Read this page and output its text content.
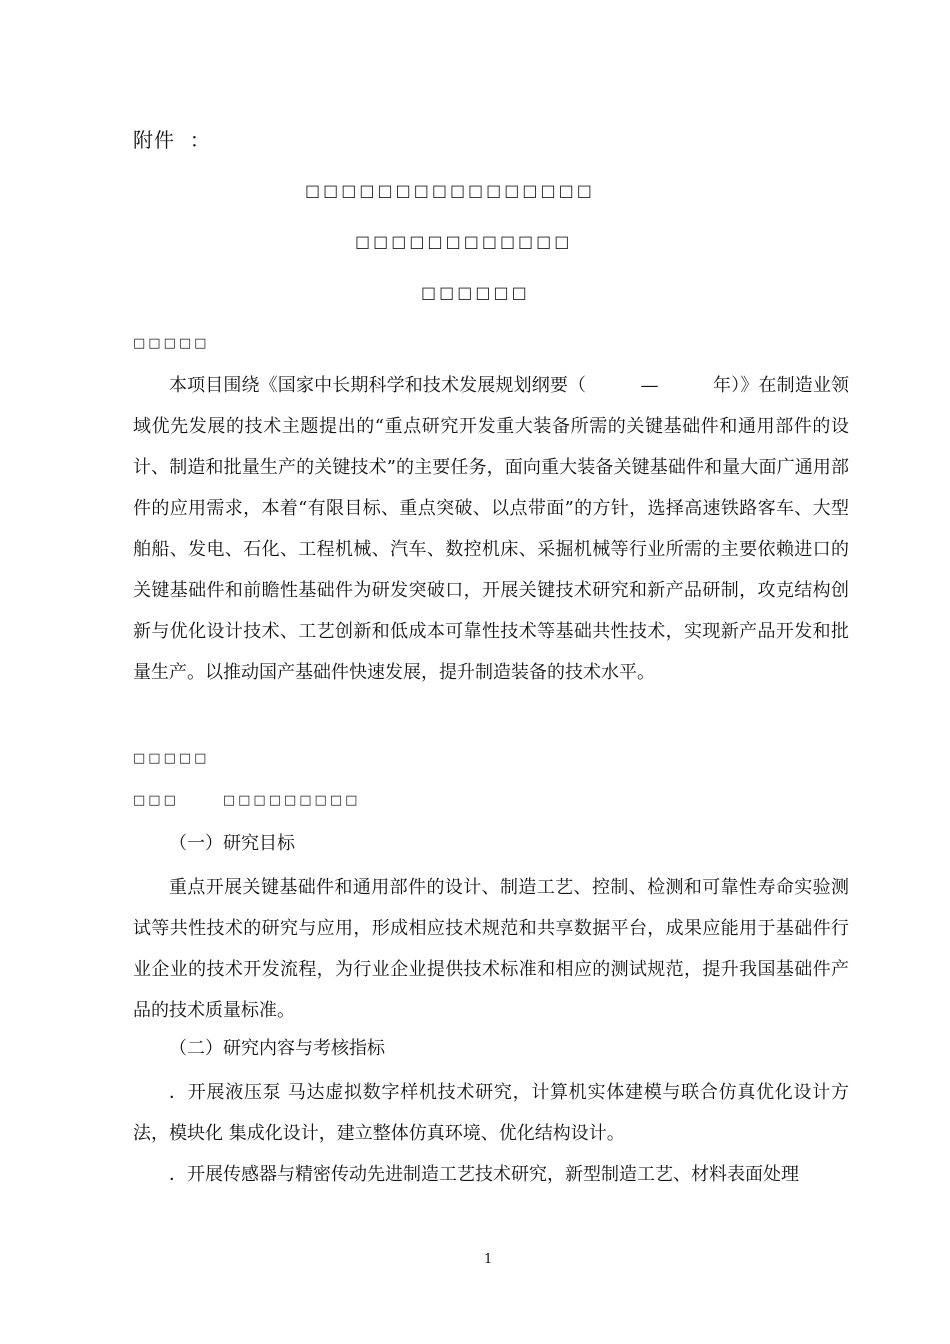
附件  ：
□□□□□□□□□□□□□□□□
□□□□□□□□□□□□
□□□□□□
□□□□□

本项目围绕《国家中长期科学和技术发展规划纲要（　　　—　　　年）》在制造业领域优先发展的技术主题提出的“重点研究开发重大装备所需的关键基础件和通用部件的设计、制造和批量生产的关键技术”的主要任务，面向重大装备关键基础件和量大面广通用部件的应用需求，本着“有限目标、重点突破、以点带面”的方针，选择高速铁路客车、大型舶船、发电、石化、工程机械、汽车、数控机床、采掘机械等行业所需的主要依赖进口的关键基础件和前瞻性基础件为研发突破口，开展关键技术研究和新产品研制，攻克结构创新与优化设计技术、工艺创新和低成本可靠性技术等基础共性技术，实现新产品开发和批量生产。以推动国产基础件快速发展，提升制造装备的技术水平。

□□□□□
□□□	□□□□□□□□□
（一）研究目标

重点开展关键基础件和通用部件的设计、制造工艺、控制、检测和可靠性寿命实验测试等共性技术的研究与应用，形成相应技术规范和共享数据平台，成果应能用于基础件行业企业的技术开发流程，为行业企业提供技术标准和相应的测试规范，提升我国基础件产品的技术质量标准。

（二）研究内容与考核指标

．开展液压泵 马达虚拟数字样机技术研究，计算机实体建模与联合仿真优化设计方法，模块化 集成化设计，建立整体仿真环境、优化结构设计。

．开展传感器与精密传动先进制造工艺技术研究，新型制造工艺、材料表面处理

1
